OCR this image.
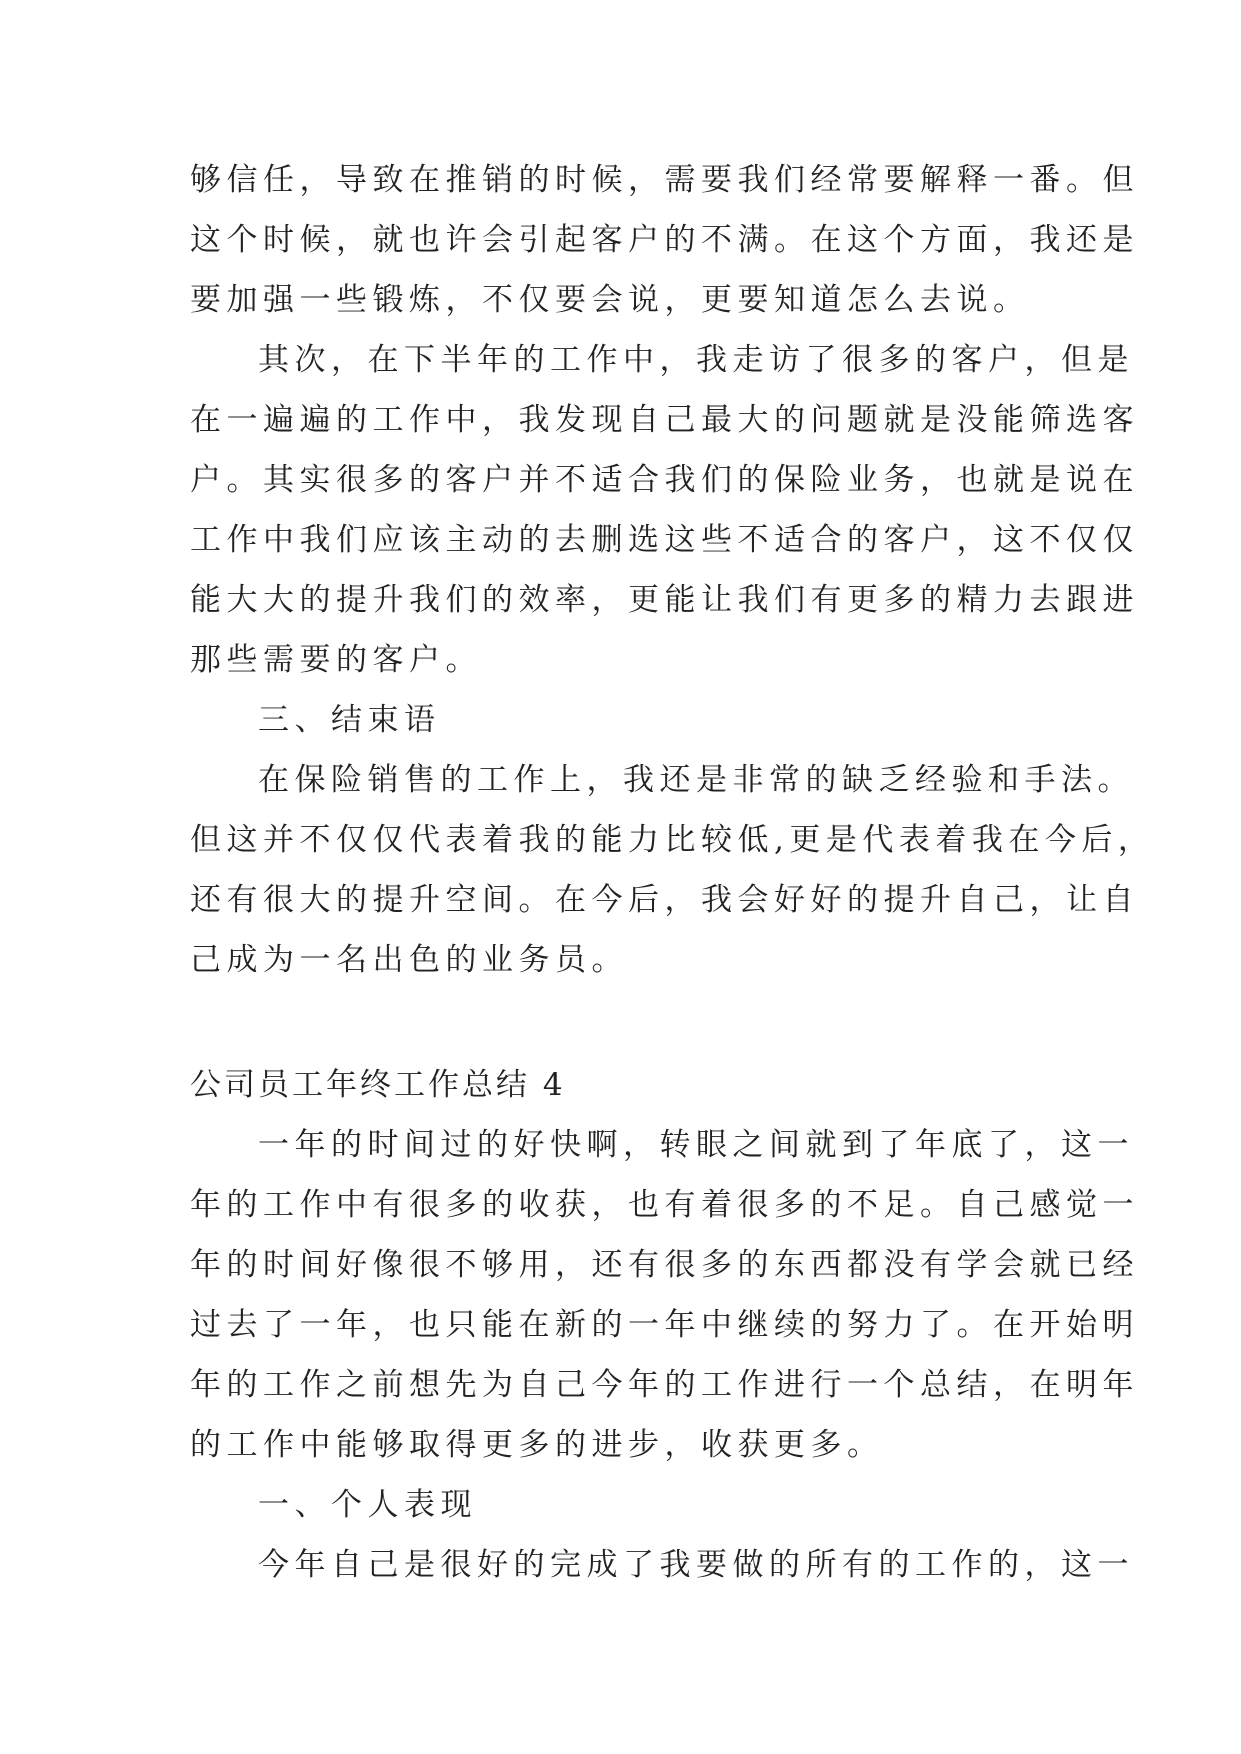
够信任，导致在推销的时候，需要我们经常要解释一番。但
这个时候，就也许会引起客户的不满。在这个方面，我还是
要加强一些锻炼，不仅要会说，更要知道怎么去说。
其次，在下半年的工作中，我走访了很多的客户，但是
在一遍遍的工作中，我发现自己最大的问题就是没能筛选客
户。其实很多的客户并不适合我们的保险业务，也就是说在
工作中我们应该主动的去删选这些不适合的客户，这不仅仅
能大大的提升我们的效率，更能让我们有更多的精力去跟进
那些需要的客户。
三、结束语
在保险销售的工作上，我还是非常的缺乏经验和手法。
但这并不仅仅代表着我的能力比较低,更是代表着我在今后，
还有很大的提升空间。在今后，我会好好的提升自己，让自
己成为一名出色的业务员。
公司员工年终工作总结 4
一年的时间过的好快啊，转眼之间就到了年底了，这一
年的工作中有很多的收获，也有着很多的不足。自己感觉一
年的时间好像很不够用，还有很多的东西都没有学会就已经
过去了一年，也只能在新的一年中继续的努力了。在开始明
年的工作之前想先为自己今年的工作进行一个总结，在明年
的工作中能够取得更多的进步，收获更多。
一、个人表现
今年自己是很好的完成了我要做的所有的工作的，这一
